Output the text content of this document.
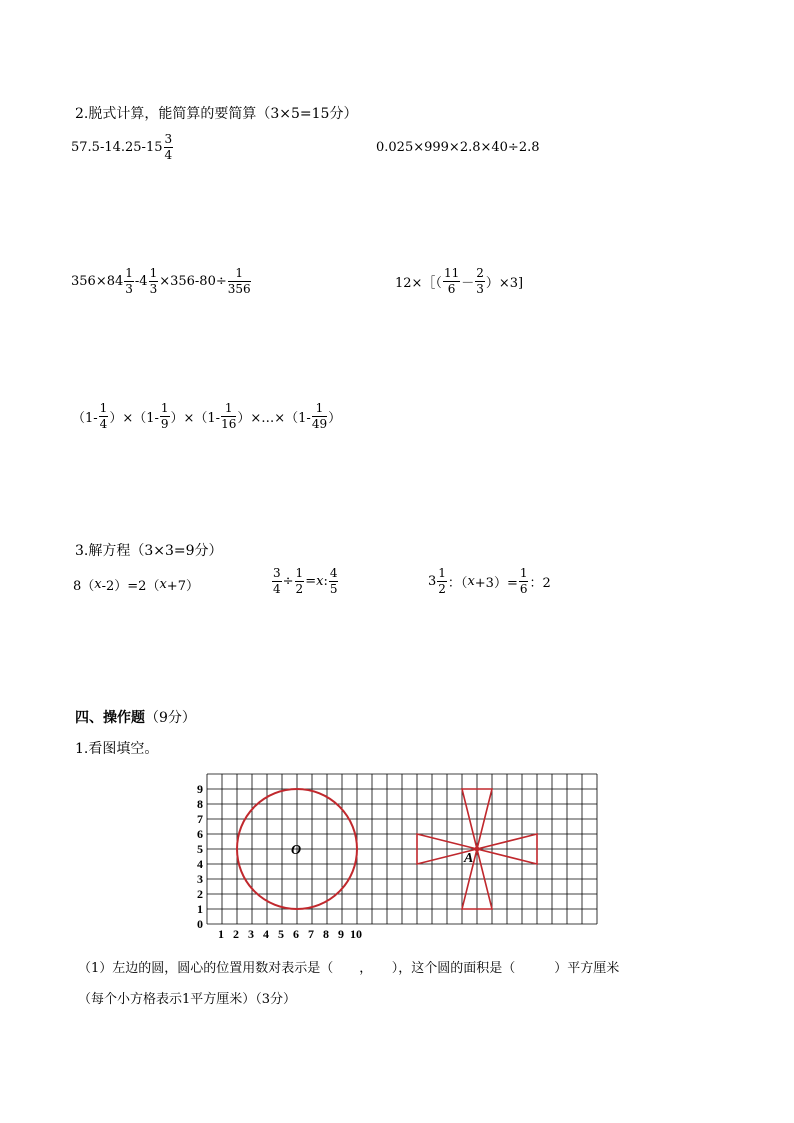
2.脱式计算，能简算的要简算（3×5=15分）
$57.5-14.25-15 \frac{3}{4}$	0.025×999×2.8×40÷2.8
$356\times 84 \frac{1}{3} -4 \frac{1}{3} \times 356-80\div \frac{1}{356}$	12×［（ $\frac{11}{6} - \frac{2}{3} )\times 3$]
$(1- \frac{1}{4} )\times(1- \frac{1}{9} )\times(1- \frac{1}{16}$ ）×…×（1- $\frac{1}{49}$ ）
3.解方程（3×3=9分）
8（ x -2）=2（ x +7）	$\frac{3}{4} \div \frac{1}{2} = x$ : $\frac{4}{5}$	$3 \frac{1}{2}$ ：（ $x +3)= \frac{1}{6}$ ：2
四、操作题（9分）
1.看图填空。
0
1
2
3
4
5
6
7
8
9
1 2 3 4 5 6 7 8 9 10
O
A
（1）左边的圆，圆心的位置用数对表示是（　　，　　），这个圆的面积是（　　　）平方厘米
（每个小方格表示1平方厘米）（3分）
